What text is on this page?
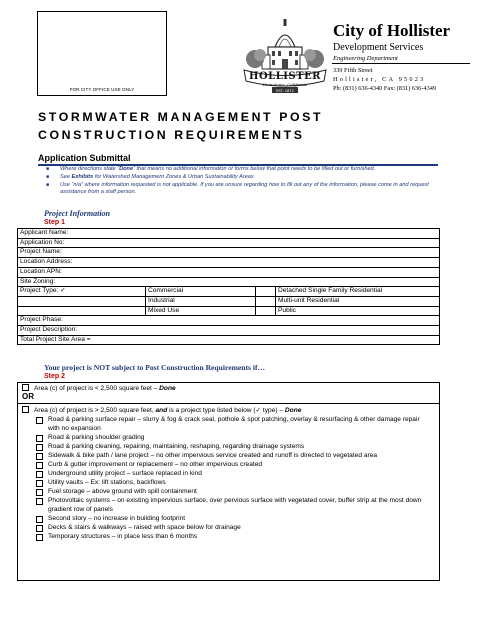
FOR CITY OFFICE USE ONLY
HOLLISTER
Hometown, California
EST. 1872
City of Hollister
Development Services
Engineering Department
339 Fifth Street
Hollister, CA 95023
Ph: (831) 636-4340 Fax: (831) 636-4349
STORMWATER MANAGEMENT POST CONSTRUCTION REQUIREMENTS
Application Submittal
■ Where directions state “Done” that means no additional information or forms below that point needs to be filled out or furnished.
■ See Exhibits for Watershed Management Zones & Urban Sustainability Areas
■ Use “n/a” where information requested is not applicable. If you are unsure regarding how to fill out any of the information, please come in and request assistance from a staff person.
Project Information
Step 1
Applicant Name:			
Application No:			
Project Name:			
Location Address:			
Location APN:			
Site Zoning:			
Project Type: ✓	Commercial		Detached Single Family Residential
	Industrial		Multi-unit Residential
	Mixed Use		Public
Project Phase:			
Project Description:			
Total Project Site Area =			
Your project is NOT subject to Post Construction Requirements if…
Step 2
Area (c) of project is < 2,500 square feet – Done
OR
Area (c) of project is > 2,500 square feet, and is a project type listed below (✓ type) – Done
Road & parking surface repair – slurry & fog & crack seal, pothole & spot patching, overlay & resurfacing & other damage repair with no expansion
Road & parking shoulder grading
Road & parking cleaning, repairing, maintaining, reshaping, regarding drainage systems
Sidewalk & bike path / lane project – no other impervious service created and runoff is directed to vegetated area
Curb & gutter improvement or replacement – no other impervious created
Underground utility project – surface replaced in kind
Utility vaults – Ex: lift stations, backflows
Fuel storage – above ground with spill containment
Photovoltaic systems – on existing impervious surface, over pervious surface with vegetated cover, buffer strip at the most down gradient row of panels
Second story – no increase in building footprint
Decks & stairs & walkways – raised with space below for drainage
Temporary structures – in place less than 6 months
